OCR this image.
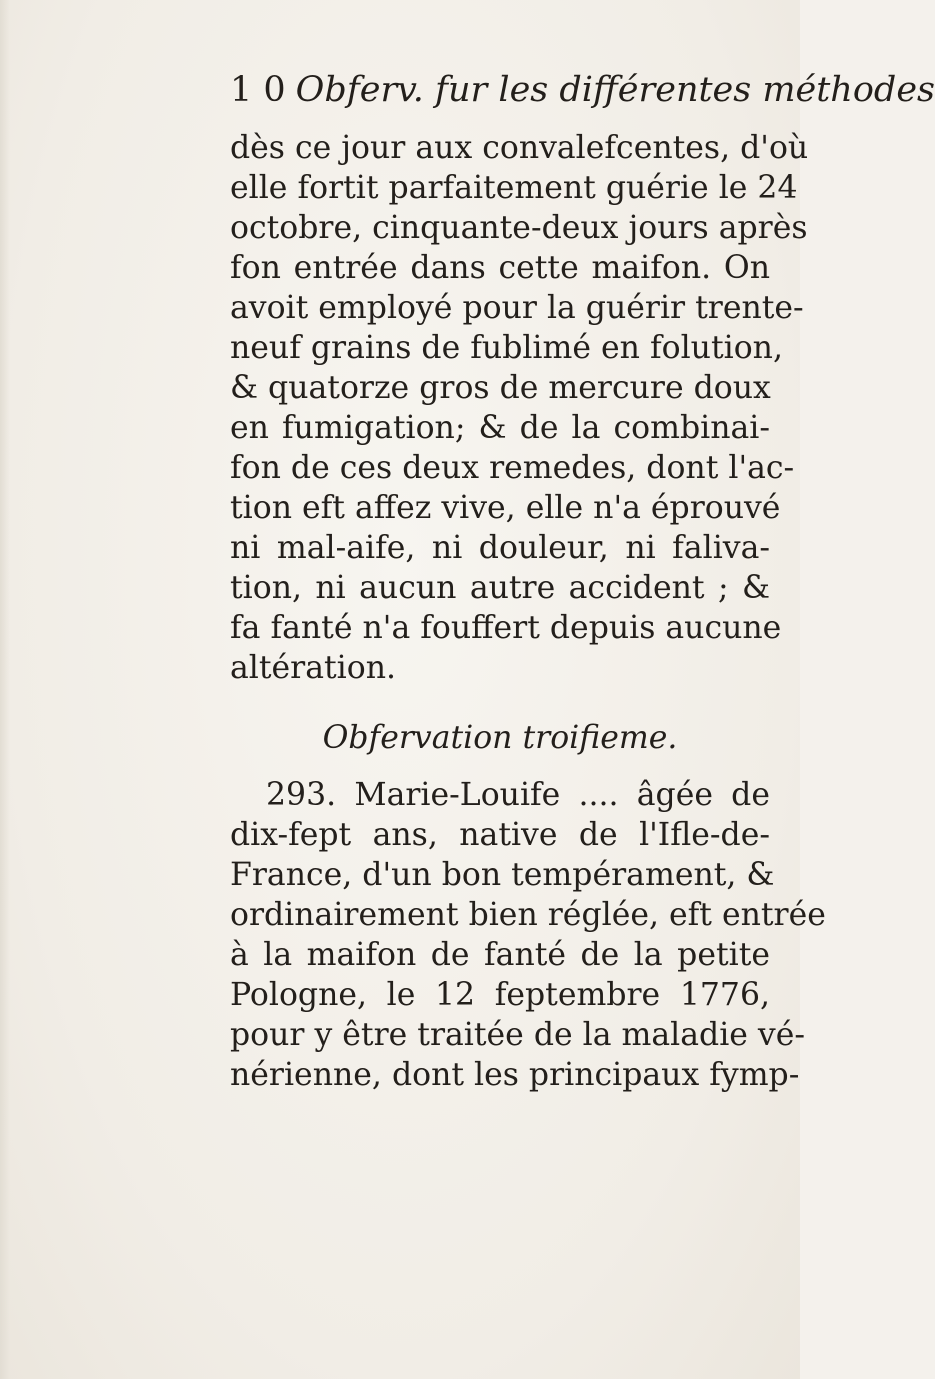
1 0 Obferv. fur les différentes méthodes
dès ce jour aux convalefcentes, d'où
elle fortit parfaitement guérie le 24
octobre, cinquante-deux jours après
fon entrée dans cette maifon. On
avoit employé pour la guérir trente-
neuf grains de fublimé en folution,
& quatorze gros de mercure doux
en fumigation; & de la combinai-
fon de ces deux remedes, dont l'ac-
tion eft affez vive, elle n'a éprouvé
ni mal-aife, ni douleur, ni faliva-
tion, ni aucun autre accident ; &
fa fanté n'a fouffert depuis aucune
altération.
Obfervation troifieme.
293. Marie-Louife .... âgée de
dix-fept ans, native de l'Ifle-de-
France, d'un bon tempérament, &
ordinairement bien réglée, eft entrée
à la maifon de fanté de la petite
Pologne, le 12 feptembre 1776,
pour y être traitée de la maladie vé-
nérienne, dont les principaux fymp-
